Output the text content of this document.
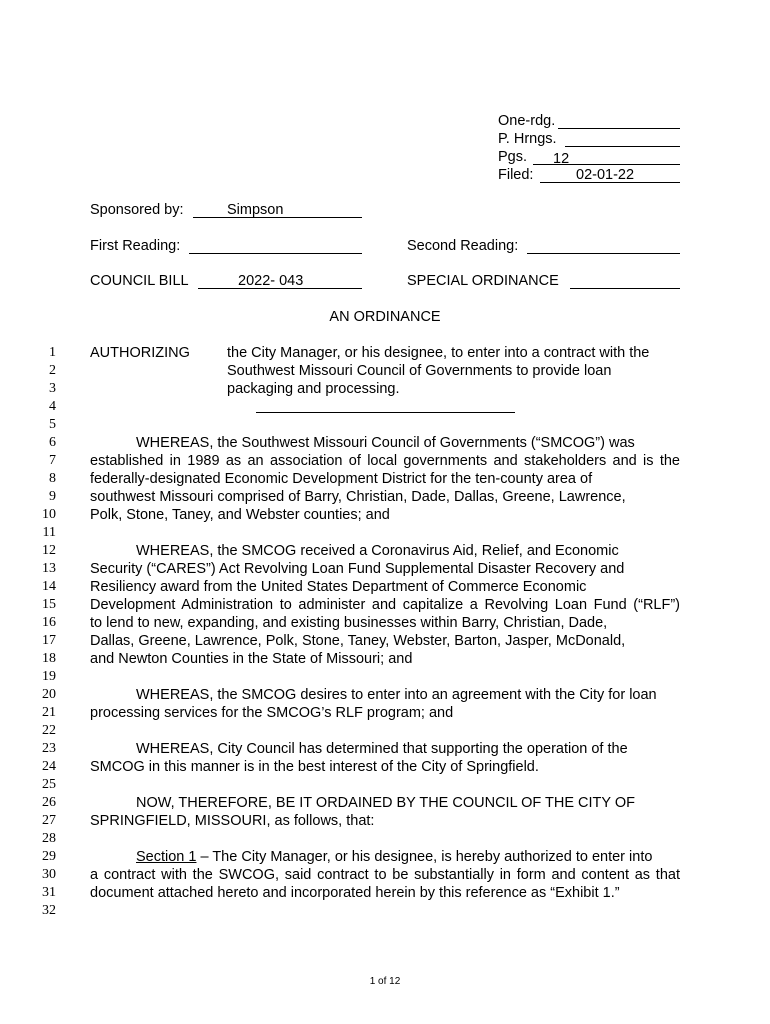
One-rdg.
P. Hrngs.
Pgs. 12
Filed:	02-01-22
Sponsored by:	Simpson
First Reading:	Second Reading:
COUNCIL BILL	2022- 043	SPECIAL ORDINANCE
AN ORDINANCE
1
2
3
4
5
6
7
8
9
10
11
12
13
14
15
16
17
18
19
20
21
22
23
24
25
26
27
28
29
30
31
32
AUTHORIZING	the City Manager, or his designee, to enter into a contract with the
Southwest Missouri Council of Governments to provide loan
packaging and processing.
WHEREAS, the Southwest Missouri Council of Governments (“SMCOG”) was
established in 1989 as an association of local governments and stakeholders and is the
federally-designated Economic Development District for the ten-county area of
southwest Missouri comprised of Barry, Christian, Dade, Dallas, Greene, Lawrence,
Polk, Stone, Taney, and Webster counties; and
WHEREAS, the SMCOG received a Coronavirus Aid, Relief, and Economic
Security (“CARES”) Act Revolving Loan Fund Supplemental Disaster Recovery and
Resiliency award from the United States Department of Commerce Economic
Development Administration to administer and capitalize a Revolving Loan Fund (“RLF”)
to lend to new, expanding, and existing businesses within Barry, Christian, Dade,
Dallas, Greene, Lawrence, Polk, Stone, Taney, Webster, Barton, Jasper, McDonald,
and Newton Counties in the State of Missouri; and
WHEREAS, the SMCOG desires to enter into an agreement with the City for loan
processing services for the SMCOG’s RLF program; and
WHEREAS, City Council has determined that supporting the operation of the
SMCOG in this manner is in the best interest of the City of Springfield.
NOW, THEREFORE, BE IT ORDAINED BY THE COUNCIL OF THE CITY OF
SPRINGFIELD, MISSOURI, as follows, that:
Section 1 – The City Manager, or his designee, is hereby authorized to enter into
a contract with the SWCOG, said contract to be substantially in form and content as that
document attached hereto and incorporated herein by this reference as “Exhibit 1.”
1 of 12
